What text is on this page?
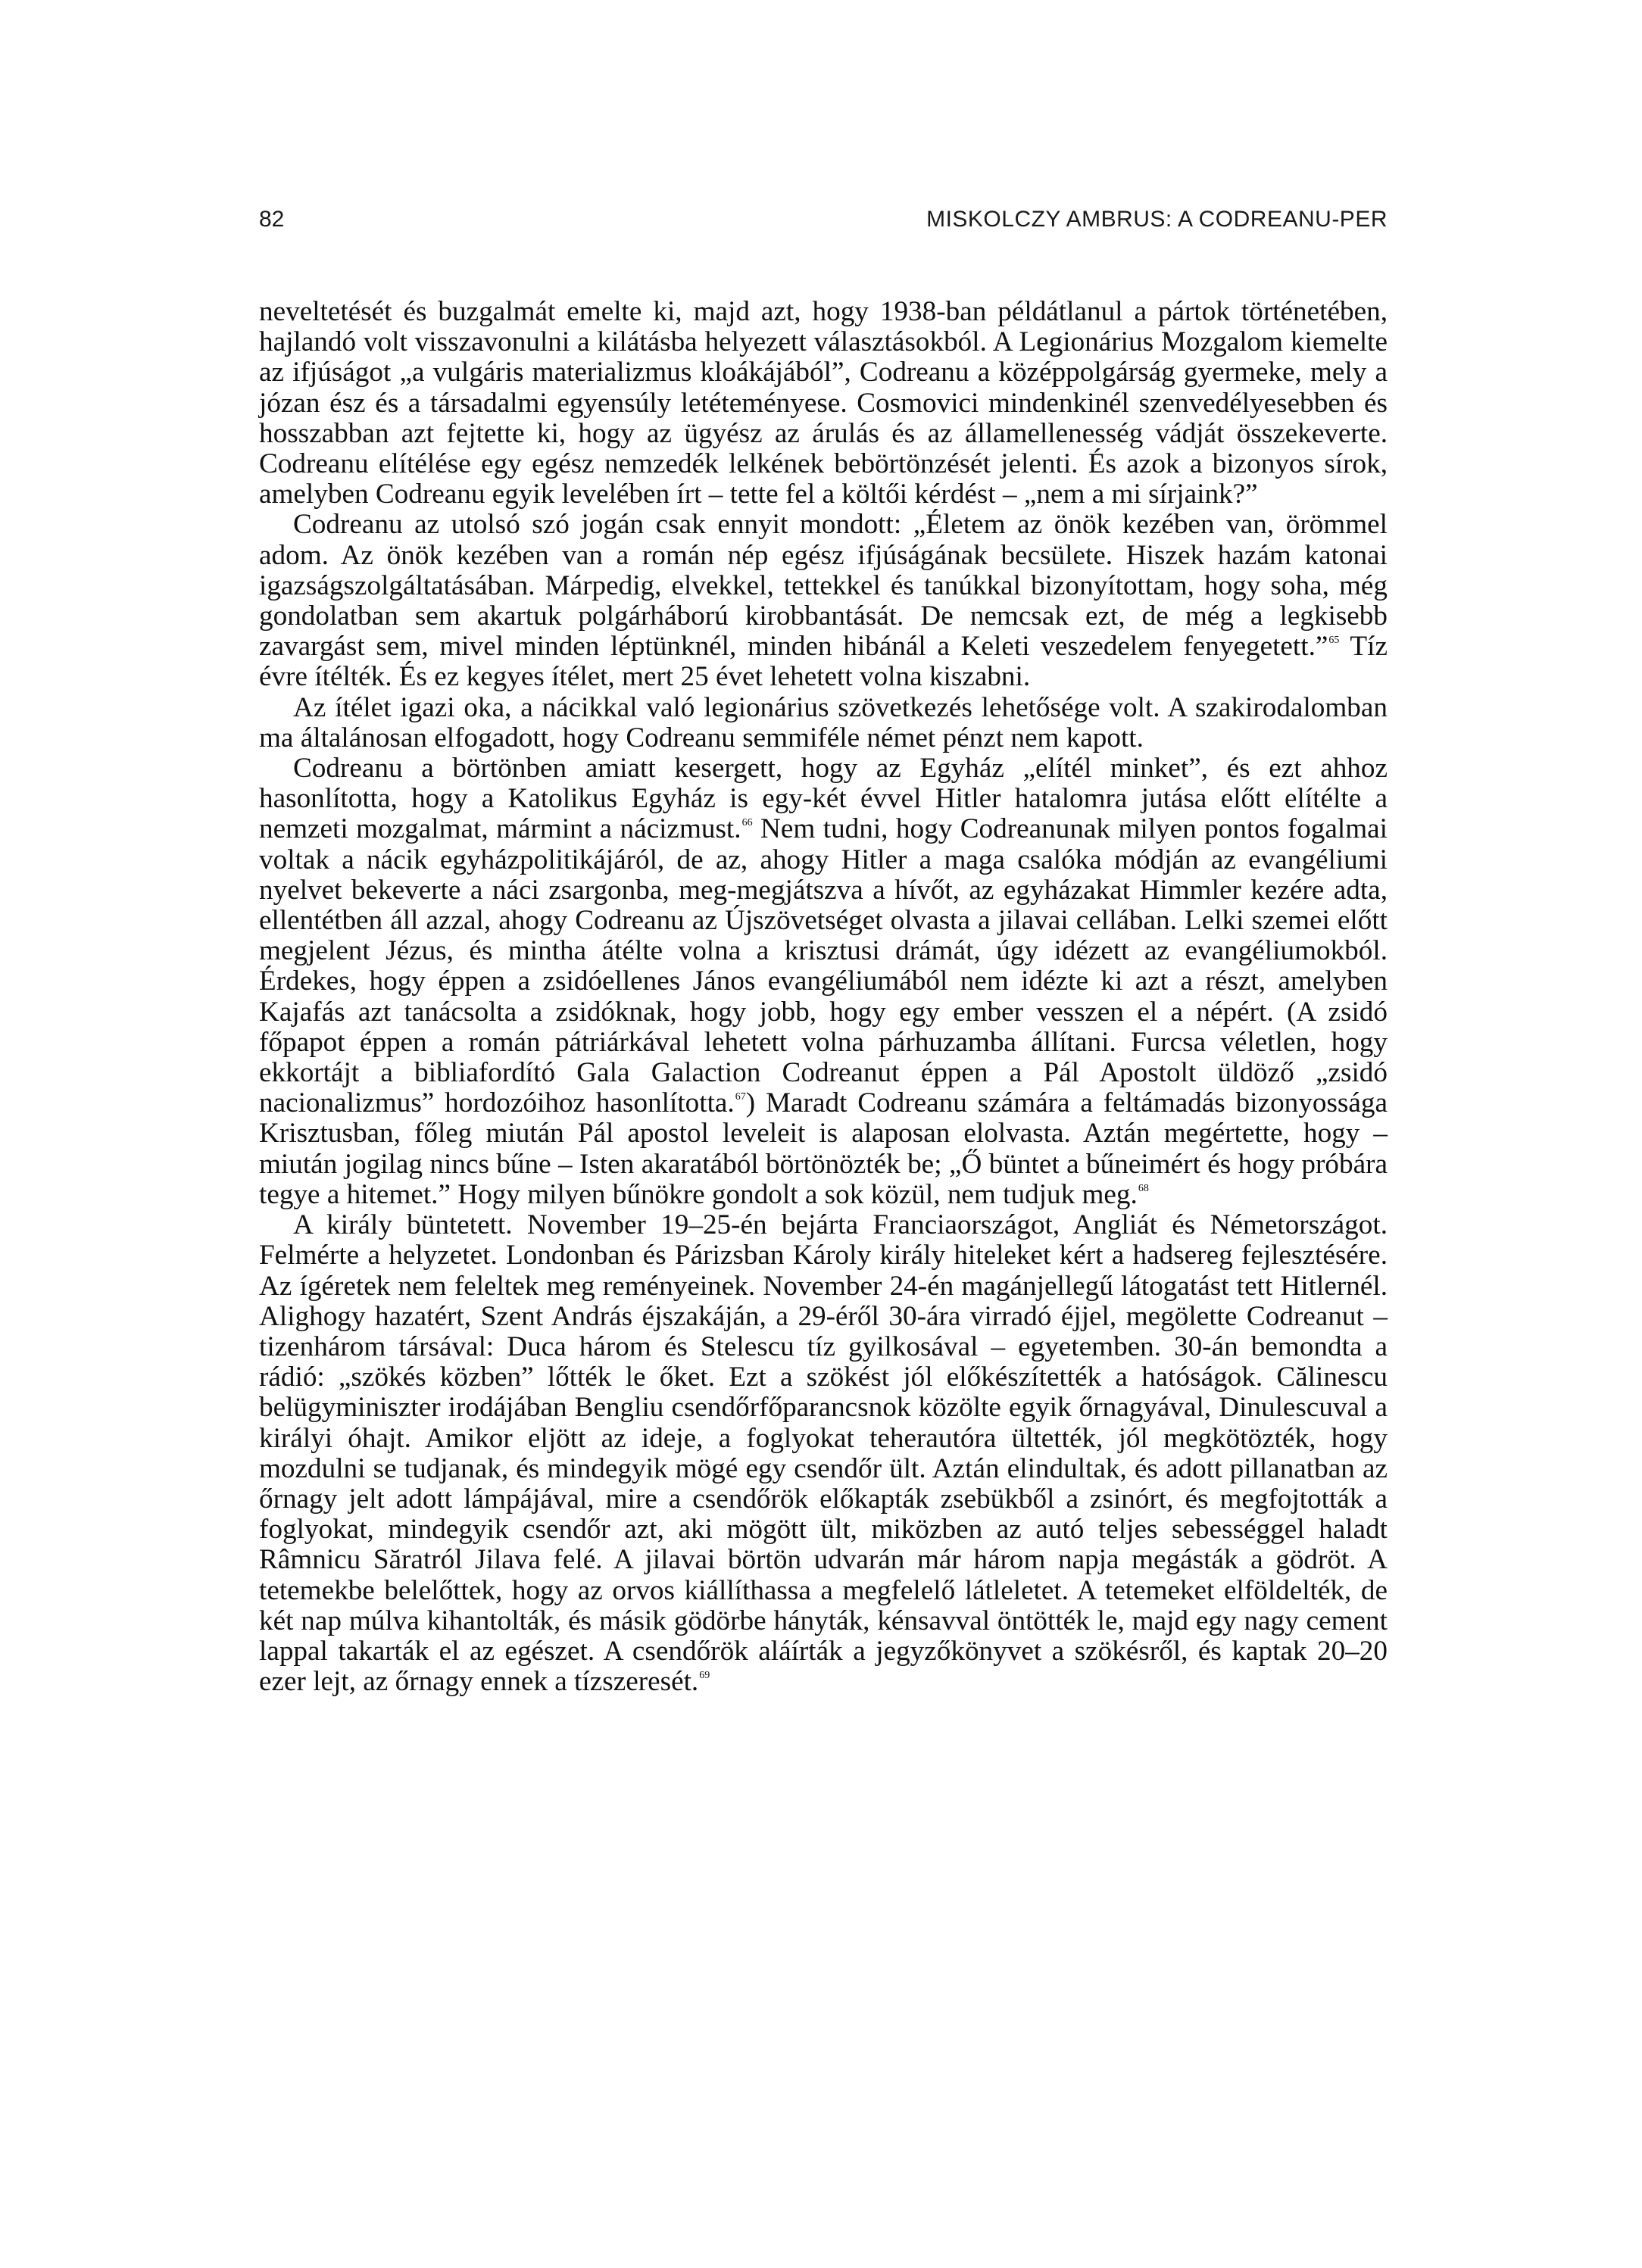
82	MISKOLCZY AMBRUS: A CODREANU-PER

neveltetését és buzgalmát emelte ki, majd azt, hogy 1938-ban példátlanul a pártok történetében, hajlandó volt visszavonulni a kilátásba helyezett választásokból. A Legionárius Mozgalom kiemelte az ifjúságot „a vulgáris materializmus kloákájából”, Codreanu a középpolgárság gyermeke, mely a józan ész és a társadalmi egyensúly letéteményese. Cosmovici mindenkinél szenvedélyesebben és hosszabban azt fejtette ki, hogy az ügyész az árulás és az államellenesség vádját összekeverte. Codreanu elítélése egy egész nemzedék lelkének bebörtönzését jelenti. És azok a bizonyos sírok, amelyben Codreanu egyik levelében írt – tette fel a költői kérdést – „nem a mi sírjaink?”

Codreanu az utolsó szó jogán csak ennyit mondott: „Életem az önök kezében van, örömmel adom. Az önök kezében van a román nép egész ifjúságának becsülete. Hiszek hazám katonai igazságszolgáltatásában. Márpedig, elvekkel, tettekkel és tanúkkal bizonyítottam, hogy soha, még gondolatban sem akartuk polgárháború kirobbantását. De nemcsak ezt, de még a legkisebb zavargást sem, mivel minden léptünknél, minden hibánál a Keleti veszedelem fenyegetett.”$^{65}$ Tíz évre ítélték. És ez kegyes ítélet, mert 25 évet lehetett volna kiszabni.

Az ítélet igazi oka, a nácikkal való legionárius szövetkezés lehetősége volt. A szakirodalomban ma általánosan elfogadott, hogy Codreanu semmiféle német pénzt nem kapott.

Codreanu a börtönben amiatt kesergett, hogy az Egyház „elítél minket”, és ezt ahhoz hasonlította, hogy a Katolikus Egyház is egy-két évvel Hitler hatalomra jutása előtt elítélte a nemzeti mozgalmat, mármint a nácizmust.$^{66}$ Nem tudni, hogy Codreanunak milyen pontos fogalmai voltak a nácik egyházpolitikájáról, de az, ahogy Hitler a maga csalóka módján az evangéliumi nyelvet bekeverte a náci zsargonba, meg-megjátszva a hívőt, az egyházakat Himmler kezére adta, ellentétben áll azzal, ahogy Codreanu az Újszövetséget olvasta a jilavai cellában. Lelki szemei előtt megjelent Jézus, és mintha átélte volna a krisztusi drámát, úgy idézett az evangéliumokból. Érdekes, hogy éppen a zsidóellenes János evangéliumából nem idézte ki azt a részt, amelyben Kajafás azt tanácsolta a zsidóknak, hogy jobb, hogy egy ember vesszen el a népért. (A zsidó főpapot éppen a román pátriárkával lehetett volna párhuzamba állítani. Furcsa véletlen, hogy ekkortájt a bibliafordító Gala Galaction Codreanut éppen a Pál Apostolt üldöző „zsidó nacionalizmus” hordozóihoz hasonlította.$^{67}$) Maradt Codreanu számára a feltámadás bizonyossága Krisztusban, főleg miután Pál apostol leveleit is alaposan elolvasta. Aztán megértette, hogy – miután jogilag nincs bűne – Isten akaratából börtönözték be; „Ő büntet a bűneimért és hogy próbára tegye a hitemet.” Hogy milyen bűnökre gondolt a sok közül, nem tudjuk meg.$^{68}$

A király büntetett. November 19–25-én bejárta Franciaországot, Angliát és Németországot. Felmérte a helyzetet. Londonban és Párizsban Károly király hiteleket kért a hadsereg fejlesztésére. Az ígéretek nem feleltek meg reményeinek. November 24-én magánjellegű látogatást tett Hitlernél. Alighogy hazatért, Szent András éjszakáján, a 29-éről 30-ára virradó éjjel, megölette Codreanut – tizenhárom társával: Duca három és Stelescu tíz gyilkosával – egyetemben. 30-án bemondta a rádió: „szökés közben” lőtték le őket. Ezt a szökést jól előkészítették a hatóságok. Călinescu belügyminiszter irodájában Bengliu csendőrfőparancsnok közölte egyik őrnagyával, Dinulescuval a királyi óhajt. Amikor eljött az ideje, a foglyokat teherautóra ültették, jól megkötözték, hogy mozdulni se tudjanak, és mindegyik mögé egy csendőr ült. Aztán elindultak, és adott pillanatban az őrnagy jelt adott lámpájával, mire a csendőrök előkapták zsebükből a zsinórt, és megfojtották a foglyokat, mindegyik csendőr azt, aki mögött ült, miközben az autó teljes sebességgel haladt Râmnicu Săratról Jilava felé. A jilavai börtön udvarán már három napja megásták a gödröt. A tetemekbe belelőttek, hogy az orvos kiállíthassa a megfelelő látleletet. A tetemeket elföldelték, de két nap múlva kihantolták, és másik gödörbe hányták, kénsavval öntötték le, majd egy nagy cement lappal takarták el az egészet. A csendőrök aláírták a jegyzőkönyvet a szökésről, és kaptak 20–20 ezer lejt, az őrnagy ennek a tízszeresét.$^{69}$
